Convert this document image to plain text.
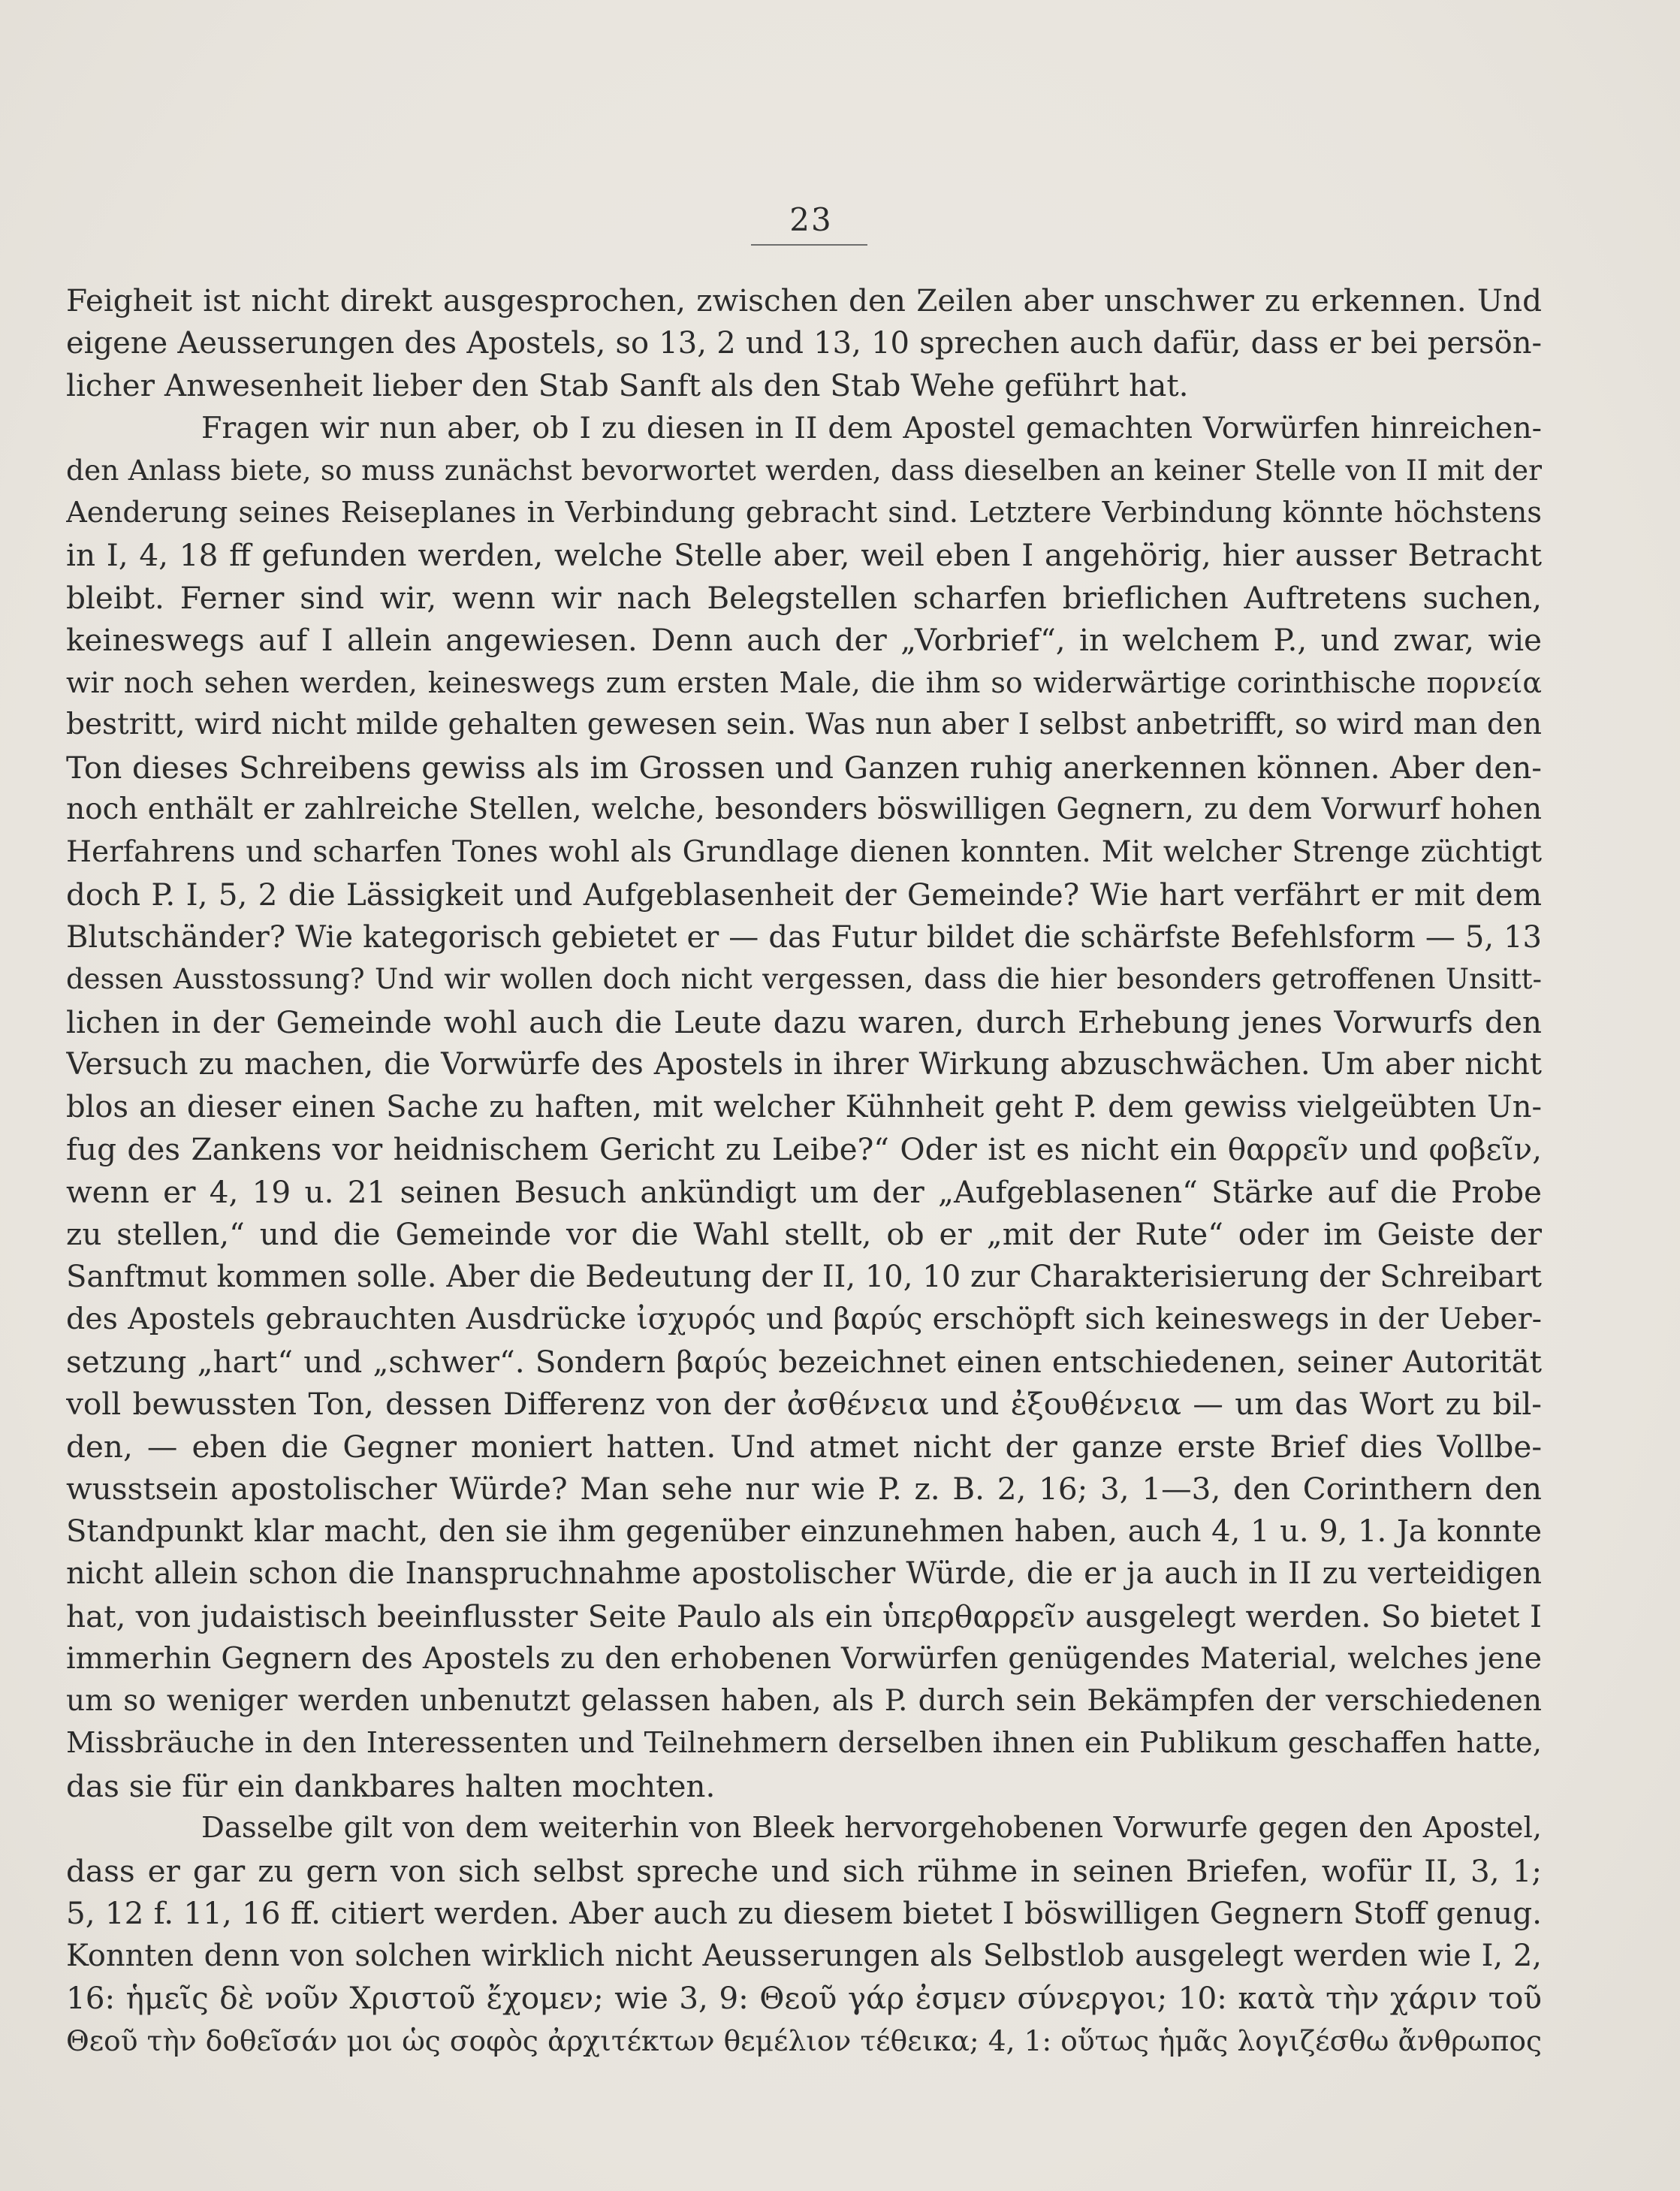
23
Feigheit ist nicht direkt ausgesprochen, zwischen den Zeilen aber unschwer zu erkennen. Und
eigene Aeusserungen des Apostels, so 13, 2 und 13, 10 sprechen auch dafür, dass er bei persön-
licher Anwesenheit lieber den Stab Sanft als den Stab Wehe geführt hat.
Fragen wir nun aber, ob I zu diesen in II dem Apostel gemachten Vorwürfen hinreichen-
den Anlass biete, so muss zunächst bevorwortet werden, dass dieselben an keiner Stelle von II mit der
Aenderung seines Reiseplanes in Verbindung gebracht sind. Letztere Verbindung könnte höchstens
in I, 4, 18 ff gefunden werden, welche Stelle aber, weil eben I angehörig, hier ausser Betracht
bleibt. Ferner sind wir, wenn wir nach Belegstellen scharfen brieflichen Auftretens suchen,
keineswegs auf I allein angewiesen. Denn auch der „Vorbrief“, in welchem P., und zwar, wie
wir noch sehen werden, keineswegs zum ersten Male, die ihm so widerwärtige corinthische πορνεία
bestritt, wird nicht milde gehalten gewesen sein. Was nun aber I selbst anbetrifft, so wird man den
Ton dieses Schreibens gewiss als im Grossen und Ganzen ruhig anerkennen können. Aber den-
noch enthält er zahlreiche Stellen, welche, besonders böswilligen Gegnern, zu dem Vorwurf hohen
Herfahrens und scharfen Tones wohl als Grundlage dienen konnten. Mit welcher Strenge züchtigt
doch P. I, 5, 2 die Lässigkeit und Aufgeblasenheit der Gemeinde? Wie hart verfährt er mit dem
Blutschänder? Wie kategorisch gebietet er — das Futur bildet die schärfste Befehlsform — 5, 13
dessen Ausstossung? Und wir wollen doch nicht vergessen, dass die hier besonders getroffenen Unsitt-
lichen in der Gemeinde wohl auch die Leute dazu waren, durch Erhebung jenes Vorwurfs den
Versuch zu machen, die Vorwürfe des Apostels in ihrer Wirkung abzuschwächen. Um aber nicht
blos an dieser einen Sache zu haften, mit welcher Kühnheit geht P. dem gewiss vielgeübten Un-
fug des Zankens vor heidnischem Gericht zu Leibe?“ Oder ist es nicht ein θαρρεῖν und φοβεῖν,
wenn er 4, 19 u. 21 seinen Besuch ankündigt um der „Aufgeblasenen“ Stärke auf die Probe
zu stellen,“ und die Gemeinde vor die Wahl stellt, ob er „mit der Rute“ oder im Geiste der
Sanftmut kommen solle. Aber die Bedeutung der II, 10, 10 zur Charakterisierung der Schreibart
des Apostels gebrauchten Ausdrücke ἰσχυρός und βαρύς erschöpft sich keineswegs in der Ueber-
setzung „hart“ und „schwer“. Sondern βαρύς bezeichnet einen entschiedenen, seiner Autorität
voll bewussten Ton, dessen Differenz von der ἀσθένεια und ἐξουθένεια — um das Wort zu bil-
den, — eben die Gegner moniert hatten. Und atmet nicht der ganze erste Brief dies Vollbe-
wusstsein apostolischer Würde? Man sehe nur wie P. z. B. 2, 16; 3, 1—3, den Corinthern den
Standpunkt klar macht, den sie ihm gegenüber einzunehmen haben, auch 4, 1 u. 9, 1. Ja konnte
nicht allein schon die Inanspruchnahme apostolischer Würde, die er ja auch in II zu verteidigen
hat, von judaistisch beeinflusster Seite Paulo als ein ὑπερθαρρεῖν ausgelegt werden. So bietet I
immerhin Gegnern des Apostels zu den erhobenen Vorwürfen genügendes Material, welches jene
um so weniger werden unbenutzt gelassen haben, als P. durch sein Bekämpfen der verschiedenen
Missbräuche in den Interessenten und Teilnehmern derselben ihnen ein Publikum geschaffen hatte,
das sie für ein dankbares halten mochten.
Dasselbe gilt von dem weiterhin von Bleek hervorgehobenen Vorwurfe gegen den Apostel,
dass er gar zu gern von sich selbst spreche und sich rühme in seinen Briefen, wofür II, 3, 1;
5, 12 f. 11, 16 ff. citiert werden. Aber auch zu diesem bietet I böswilligen Gegnern Stoff genug.
Konnten denn von solchen wirklich nicht Aeusserungen als Selbstlob ausgelegt werden wie I, 2,
16: ἡμεῖς δὲ νοῦν Χριστοῦ ἔχομεν; wie 3, 9: Θεοῦ γάρ ἐσμεν σύνεργοι; 10: κατὰ τὴν χάριν τοῦ
Θεοῦ τὴν δοθεῖσάν μοι ὡς σοφὸς ἀρχιτέκτων θεμέλιον τέθεικα; 4, 1: οὕτως ἡμᾶς λογιζέσθω ἄνθρωπος
